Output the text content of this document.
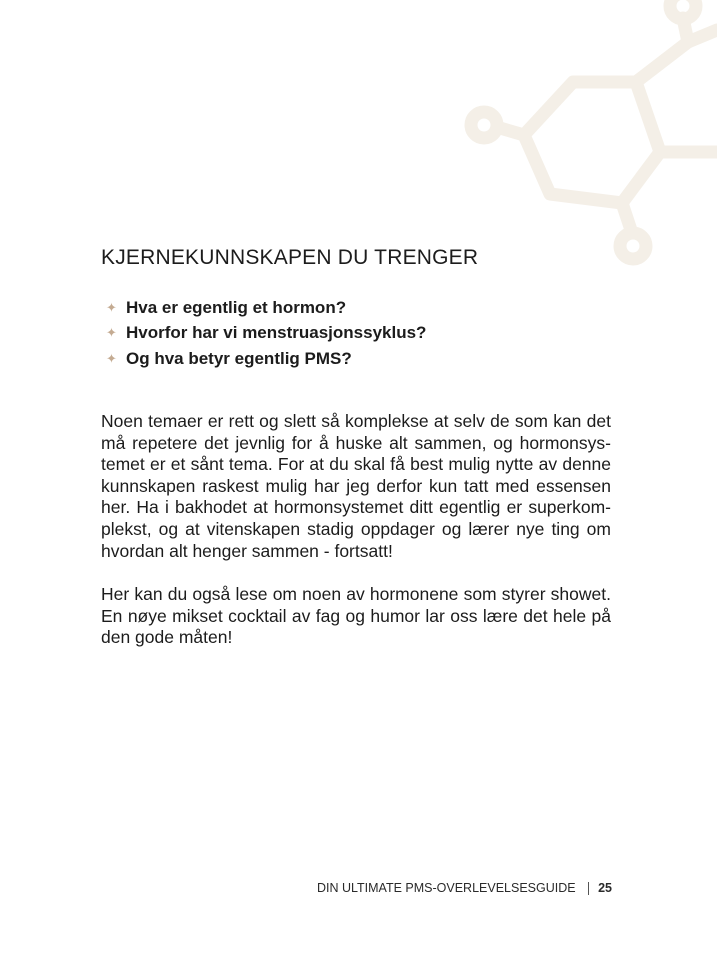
KJERNEKUNNSKAPEN DU TRENGER
✦ Hva er egentlig et hormon?
✦ Hvorfor har vi menstruasjonssyklus?
✦ Og hva betyr egentlig PMS?

Noen temaer er rett og slett så komplekse at selv de som kan det må repetere det jevnlig for å huske alt sammen, og hormonsystemet er et sånt tema. For at du skal få best mulig nytte av denne kunnskapen raskest mulig har jeg derfor kun tatt med essensen her. Ha i bakhodet at hormonsystemet ditt egentlig er superkomplekst, og at vitenskapen stadig oppdager og lærer nye ting om hvordan alt henger sammen - fortsatt!

Her kan du også lese om noen av hormonene som styrer showet. En nøye mikset cocktail av fag og humor lar oss lære det hele på den gode måten!

DIN ULTIMATE PMS-OVERLEVELSESGUIDE 25
